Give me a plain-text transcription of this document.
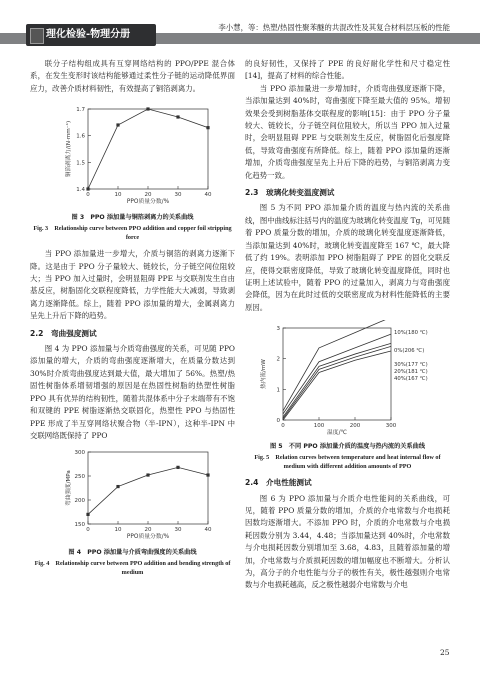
理化检验-物理分册
李小慧，等：热塑/热固性聚苯醚的共混改性及其复合材料层压板的性能

联分子结构组成具有互穿网络结构的 PPO/PPE 混合体系，在发生变形时该结构能够通过柔性分子链的运动降低界面应力，改善介质材料韧性，有效提高了铜箔剥离力。

1.4
1.5
1.6
1.7
0	10	20	30	40
PPO质量分数/%
铜箔剥离力/(N·mm⁻¹)
图 3　PPO 添加量与铜箔剥离力的关系曲线
Fig. 3　Relationship curve between PPO addition and copper foil stripping force

当 PPO 添加量进一步增大，介质与铜箔的剥离力逐渐下降。这是由于 PPO 分子量较大、链较长，分子链空间位阻较大；当 PPO 加入过量时，会明显阻碍 PPE 与交联剂发生自由基反应，树脂固化交联程度降低，力学性能大大减弱，导致剥离力逐渐降低。综上，随着 PPO 添加量的增大，金属剥离力呈先上升后下降的趋势。

2.2　弯曲强度测试

图 4 为 PPO 添加量与介质弯曲强度的关系，可见随 PPO 添加量的增大，介质的弯曲强度逐渐增大，在质量分数达到 30%时介质弯曲强度达到最大值，最大增加了 56%。热塑/热固性树脂体系增韧增强的原因是在热固性树脂的热塑性树脂 PPO 具有优异的结构韧性，随着共混体系中分子末端带有不饱和双键的 PPE 树脂逐渐热交联固化，热塑性 PPO 与热固性 PPE 形成了半互穿网络状聚合物（半-IPN），这种半-IPN 中交联网络既保持了 PPO

150
200
250
300
0	10	20	30	40
PPO质量分数/%
弯曲强度/MPa
图 4　PPO 添加量与介质弯曲强度的关系曲线
Fig. 4　Relationship curve between PPO addition and bending strength of medium

的良好韧性，又保持了 PPE 的良好耐化学性和尺寸稳定性[14]，提高了材料的综合性能。

当 PPO 添加量进一步增加时，介质弯曲强度逐渐下降，当添加量达到 40%时，弯曲强度下降至最大值的 95%。增韧效果会受到树脂基体交联程度的影响[15]：由于 PPO 分子量较大、链较长，分子链空间位阻较大，所以当 PPO 加入过量时，会明显阻碍 PPE 与交联剂发生反应，树脂固化后强度降低，导致弯曲强度有所降低。综上，随着 PPO 添加量的逐渐增加，介质弯曲强度呈先上升后下降的趋势，与铜箔剥离力变化趋势一致。

2.3　玻璃化转变温度测试

图 5 为不同 PPO 添加量介质的温度与热内流的关系曲线，图中曲线标注括号内的温度为玻璃化转变温度 Tg，可见随着 PPO 质量分数的增加，介质的玻璃化转变温度逐渐降低，当添加量达到 40%时，玻璃化转变温度降至 167 ℃，最大降低了约 19%。表明添加 PPO 树脂阻碍了 PPE 的固化交联反应，使得交联密度降低，导致了玻璃化转变温度降低，同时也证明上述试验中，随着 PPO 的过量加入，剥离力与弯曲强度会降低，因为在此时过低的交联密度成为材料性能降低的主要原因。

0
1
2
3
0	100	200	300
温度/℃
热内流/mW
10%(180 ℃)
0%(206 ℃)
30%(177 ℃)
20%(181 ℃)
40%(167 ℃)
图 5　不同 PPO 添加量介质的温度与热内流的关系曲线
Fig. 5　Relation curves between temperature and heat internal flow of medium with different addition amounts of PPO
2.4　介电性能测试

图 6 为 PPO 添加量与介质介电性能间的关系曲线，可见，随着 PPO 质量分数的增加，介质的介电常数与介电损耗因数均逐渐增大。不添加 PPO 时，介质的介电常数与介电损耗因数分别为 3.44，4.48；当添加量达到 40%时，介电常数与介电损耗因数分别增加至 3.68，4.83，且随着添加量的增加，介电常数与介质损耗因数的增加幅度也不断增大。分析认为，高分子的介电性能与分子的极性有关，极性越强则介电常数与介电损耗越高，反之极性越弱介电常数与介电

25
